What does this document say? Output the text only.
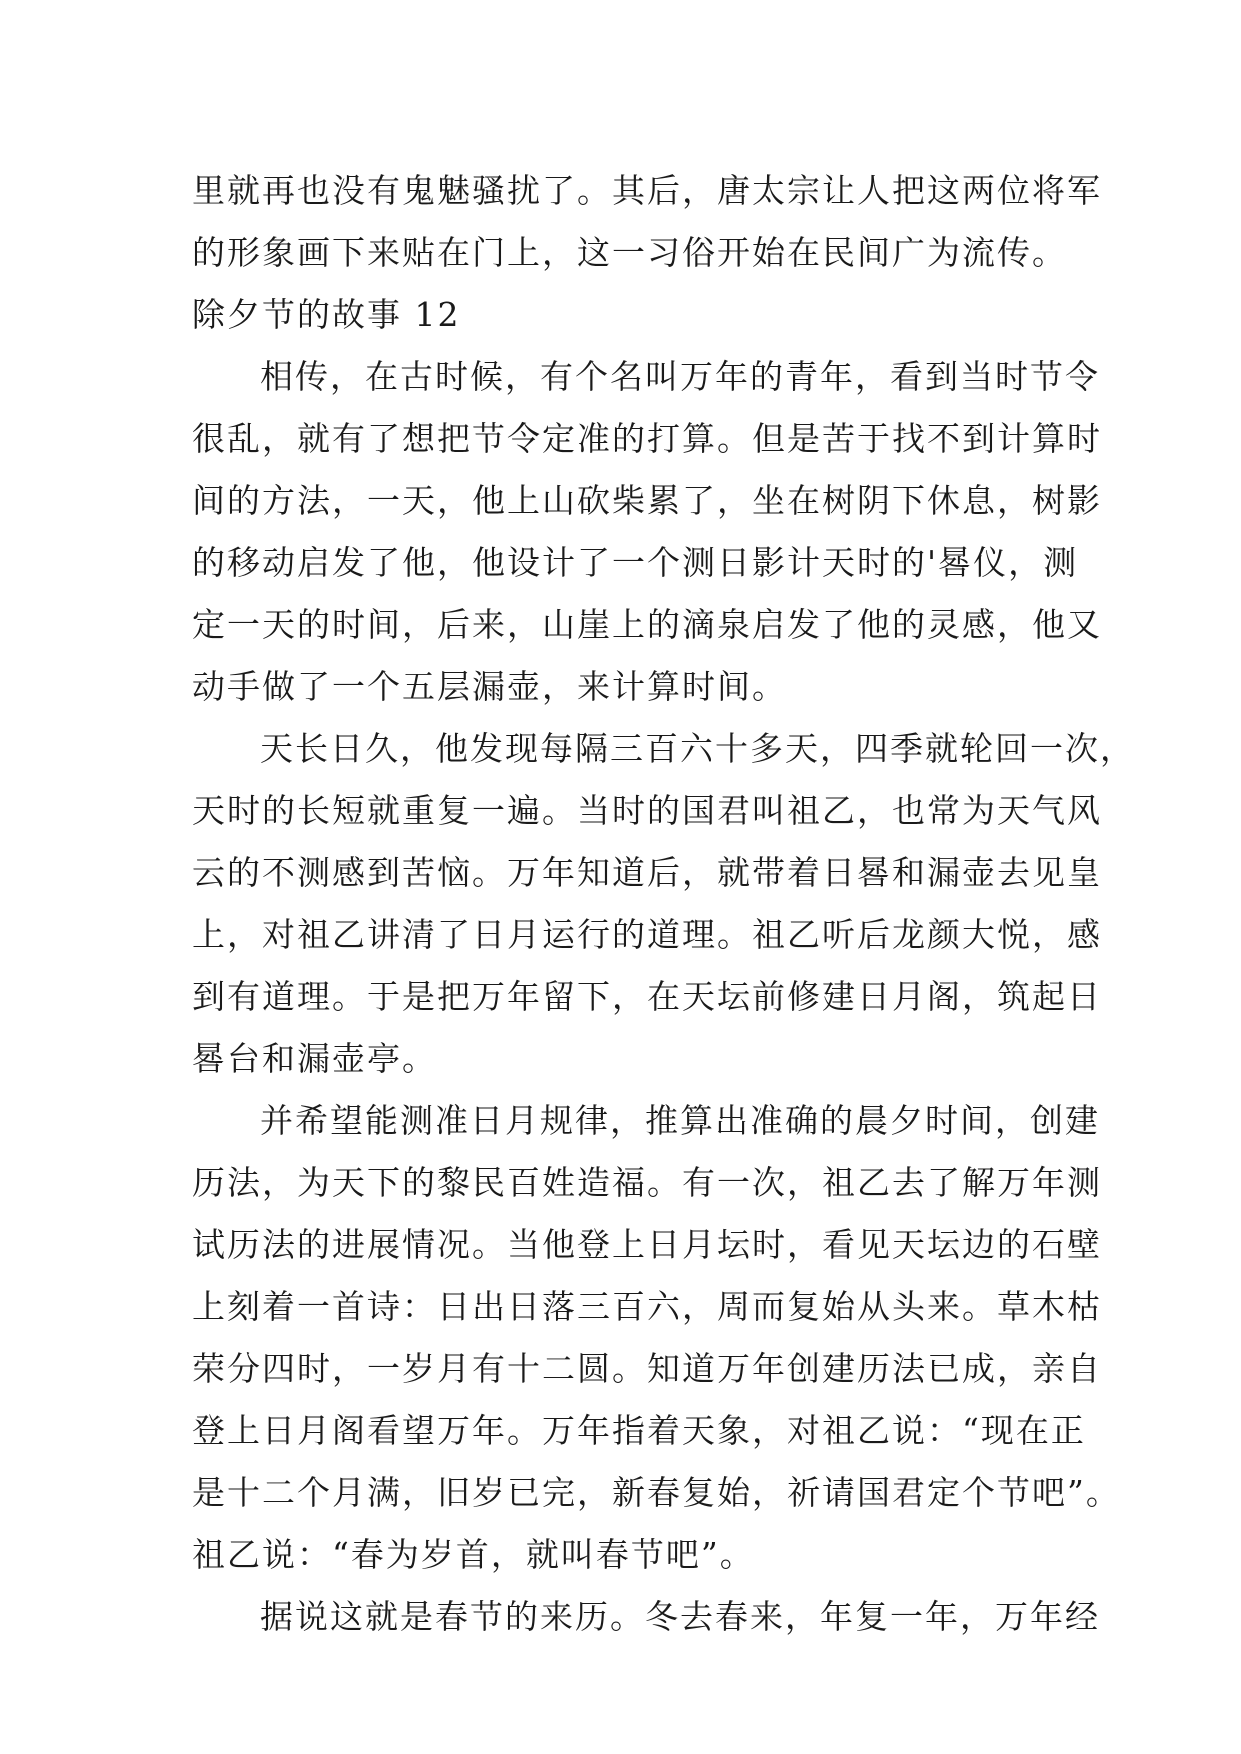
里就再也没有鬼魅骚扰了。其后，唐太宗让人把这两位将军
的形象画下来贴在门上，这一习俗开始在民间广为流传。
除夕节的故事 12
相传，在古时候，有个名叫万年的青年，看到当时节令
很乱，就有了想把节令定准的打算。但是苦于找不到计算时
间的方法，一天，他上山砍柴累了，坐在树阴下休息，树影
的移动启发了他，他设计了一个测日影计天时的'晷仪，测
定一天的时间，后来，山崖上的滴泉启发了他的灵感，他又
动手做了一个五层漏壶，来计算时间。
天长日久，他发现每隔三百六十多天，四季就轮回一次，
天时的长短就重复一遍。当时的国君叫祖乙，也常为天气风
云的不测感到苦恼。万年知道后，就带着日晷和漏壶去见皇
上，对祖乙讲清了日月运行的道理。祖乙听后龙颜大悦，感
到有道理。于是把万年留下，在天坛前修建日月阁，筑起日
晷台和漏壶亭。
并希望能测准日月规律，推算出准确的晨夕时间，创建
历法，为天下的黎民百姓造福。有一次，祖乙去了解万年测
试历法的进展情况。当他登上日月坛时，看见天坛边的石壁
上刻着一首诗：日出日落三百六，周而复始从头来。草木枯
荣分四时，一岁月有十二圆。知道万年创建历法已成，亲自
登上日月阁看望万年。万年指着天象，对祖乙说：“现在正
是十二个月满，旧岁已完，新春复始，祈请国君定个节吧”。
祖乙说：“春为岁首，就叫春节吧”。
据说这就是春节的来历。冬去春来，年复一年，万年经
